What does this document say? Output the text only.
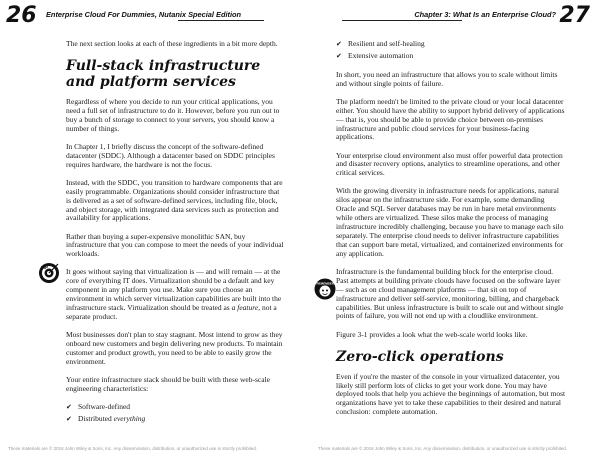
26 Enterprise Cloud For Dummies, Nutanix Special Edition

The next section looks at each of these ingredients in a bit more depth.

Full-stack infrastructure and platform services

Regardless of where you decide to run your critical applications, you need a full set of infrastructure to do it. However, before you run out to buy a bunch of storage to connect to your servers, you should know a number of things.

In Chapter 1, I briefly discuss the concept of the software-defined datacenter (SDDC). Although a datacenter based on SDDC principles requires hardware, the hardware is not the focus.

Instead, with the SDDC, you transition to hardware components that are easily programmable. Organizations should consider infrastructure that is delivered as a set of software-defined services, including file, block, and object storage, with integrated data services such as protection and availability for applications.

Rather than buying a super-expensive monolithic SAN, buy infrastructure that you can compose to meet the needs of your individual workloads.

It goes without saying that virtualization is — and will remain — at the core of everything IT does. Virtualization should be a default and key component in any platform you use. Make sure you choose an environment in which server virtualization capabilities are built into the infrastructure stack. Virtualization should be treated as a feature, not a separate product.

Most businesses don't plan to stay stagnant. Most intend to grow as they onboard new customers and begin delivering new products. To maintain customer and product growth, you need to be able to easily grow the environment.

Your entire infrastructure stack should be built with these web-scale engineering characteristics:

✔ Software-defined
✔ Distributed everything
TIP
These materials are © 2016 John Wiley & Sons, Inc. Any dissemination, distribution, or unauthorized use is strictly prohibited.
Chapter 3: What Is an Enterprise Cloud? 27
✔ Resilient and self-healing
✔ Extensive automation

In short, you need an infrastructure that allows you to scale without limits and without single points of failure.

The platform needn't be limited to the private cloud or your local datacenter either. You should have the ability to support hybrid delivery of applications — that is, you should be able to provide choice between on-premises infrastructure and public cloud services for your business-facing applications.

Your enterprise cloud environment also must offer powerful data protection and disaster recovery options, analytics to streamline operations, and other critical services.

With the growing diversity in infrastructure needs for applications, natural silos appear on the infrastructure side. For example, some demanding Oracle and SQL Server databases may be run in bare metal environments while others are virtualized. These silos make the process of managing infrastructure incredibly challenging, because you have to manage each silo separately. The enterprise cloud needs to deliver infrastructure capabilities that can support bare metal, virtualized, and containerized environments for any application.

Infrastructure is the fundamental building block for the enterprise cloud. Past attempts at building private clouds have focused on the software layer — such as on cloud management platforms — that sit on top of infrastructure and deliver self-service, monitoring, billing, and chargeback capabilities. But unless infrastructure is built to scale out and without single points of failure, you will not end up with a cloudlike environment.

Figure 3-1 provides a look what the web-scale world looks like.

Zero-click operations

Even if you're the master of the console in your virtualized datacenter, you likely still perform lots of clicks to get your work done. You may have deployed tools that help you achieve the beginnings of automation, but most organizations have yet to take these capabilities to their desired and natural conclusion: complete automation.

REMEMBER
These materials are © 2016 John Wiley & Sons, Inc. Any dissemination, distribution, or unauthorized use is strictly prohibited.
